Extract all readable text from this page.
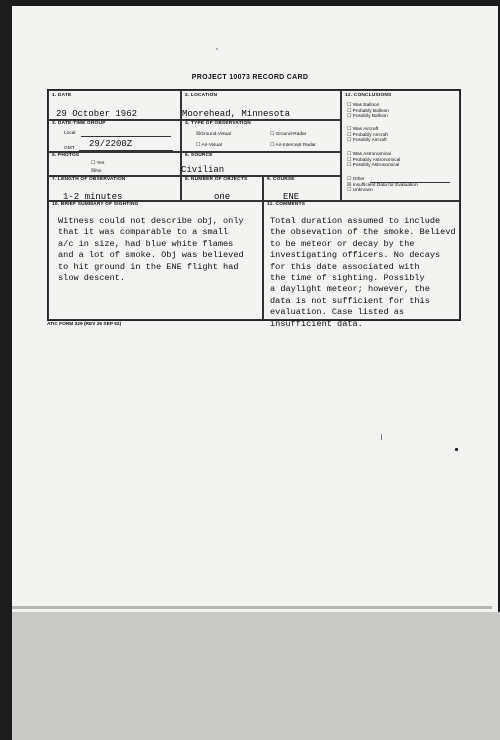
PROJECT 10073 RECORD CARD
1. DATE
29 October 1962
2. LOCATION
Moorehead, Minnesota
3. DATE-TIME GROUP
Local
GMT 29/2200Z
4. TYPE OF OBSERVATION
☒Ground-Visual	☐ Ground-Radar
☐ Air-Visual	☐ Air-Intercept Radar
5. PHOTOS
☐ Yes
☒No
6. SOURCE
Civilian
7. LENGTH OF OBSERVATION
1-2 minutes
8. NUMBER OF OBJECTS
one
9. COURSE
ENE
10. BRIEF SUMMARY OF SIGHTING
Witness could not describe obj, only
that it was comparable to a small
a/c in size, had blue white flames
and a lot of smoke. Obj was believed
to hit ground in the ENE flight had
slow descent.
11. COMMENTS
Total duration assumed to include
the obsevation of the smoke. Believd
to be meteor or decay by the
investigating officers. No decays
for this date associated with
the time of sighting. Possibly
a daylight meteor; however, the
data is not sufficient for this
evaluation. Case listed as
insufficient data.
12. CONCLUSIONS
☐ Was Balloon
☐ Probably Balloon
☐ Possibly Balloon
☐ Was Aircraft
☐ Probably Aircraft
☐ Possibly Aircraft
☐ Was Astronomical
☐ Probably Astronomical
☐ Possibly Astronomical
☐ Other
☒ Insufficient Data for Evaluation
☐ Unknown
ATIC FORM 329 (REV 26 SEP 52)
